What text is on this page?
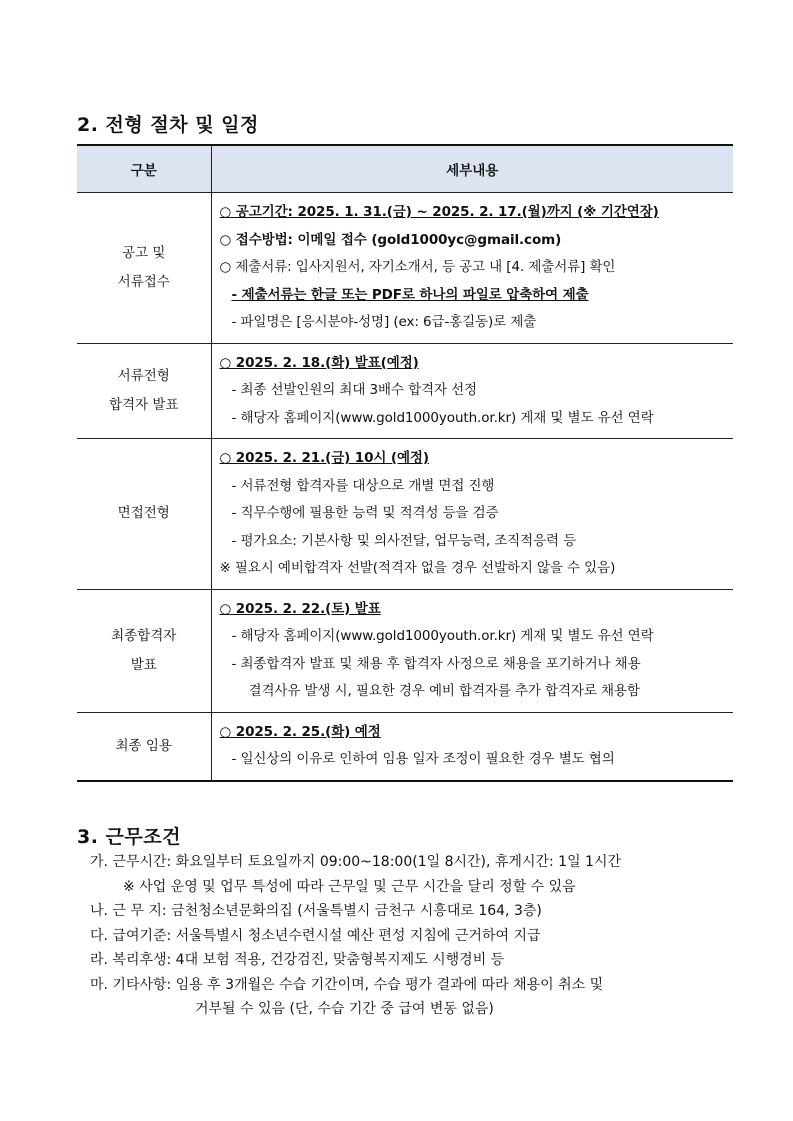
2. 전형 절차 및 일정
구분	세부내용

공고 및
서류접수	○ 공고기간: 2025. 1. 31.(금) ~ 2025. 2. 17.(월)까지 (※ 기간연장)
○ 접수방법: 이메일 접수 (gold1000yc@gmail.com)
○ 제출서류: 입사지원서, 자기소개서, 등 공고 내 [4. 제출서류] 확인
- 제출서류는 한글 또는 PDF로 하나의 파일로 압축하여 제출
- 파일명은 [응시분야-성명] (ex: 6급-홍길동)로 제출

서류전형
합격자 발표	○ 2025. 2. 18.(화) 발표(예정)
- 최종 선발인원의 최대 3배수 합격자 선정
- 해당자 홈페이지(www.gold1000youth.or.kr) 게재 및 별도 유선 연락

면접전형	○ 2025. 2. 21.(금) 10시 (예정)
- 서류전형 합격자를 대상으로 개별 면접 진행
- 직무수행에 필용한 능력 및 적격성 등을 검증
- 평가요소: 기본사항 및 의사전달, 업무능력, 조직적응력 등
※ 필요시 예비합격자 선발(적격자 없을 경우 선발하지 않을 수 있음)

최종합격자
발표	○ 2025. 2. 22.(토) 발표
- 해당자 홈페이지(www.gold1000youth.or.kr) 게재 및 별도 유선 연락
- 최종합격자 발표 및 채용 후 합격자 사정으로 채용을 포기하거나 채용
결격사유 발생 시, 필요한 경우 예비 합격자를 추가 합격자로 채용함

최종 임용	○ 2025. 2. 25.(화) 예정
- 일신상의 이유로 인하여 임용 일자 조정이 필요한 경우 별도 협의
3. 근무조건
가. 근무시간: 화요일부터 토요일까지 09:00~18:00(1일 8시간), 휴게시간: 1일 1시간
※ 사업 운영 및 업무 특성에 따라 근무일 및 근무 시간을 달리 정할 수 있음
나. 근 무 지: 금천청소년문화의집 (서울특별시 금천구 시흥대로 164, 3층)
다. 급여기준: 서울특별시 청소년수련시설 예산 편성 지침에 근거하여 지급
라. 복리후생: 4대 보험 적용, 건강검진, 맞춤형복지제도 시행경비 등
마. 기타사항: 임용 후 3개월은 수습 기간이며, 수습 평가 결과에 따라 채용이 취소 및
거부될 수 있음 (단, 수습 기간 중 급여 변동 없음)
